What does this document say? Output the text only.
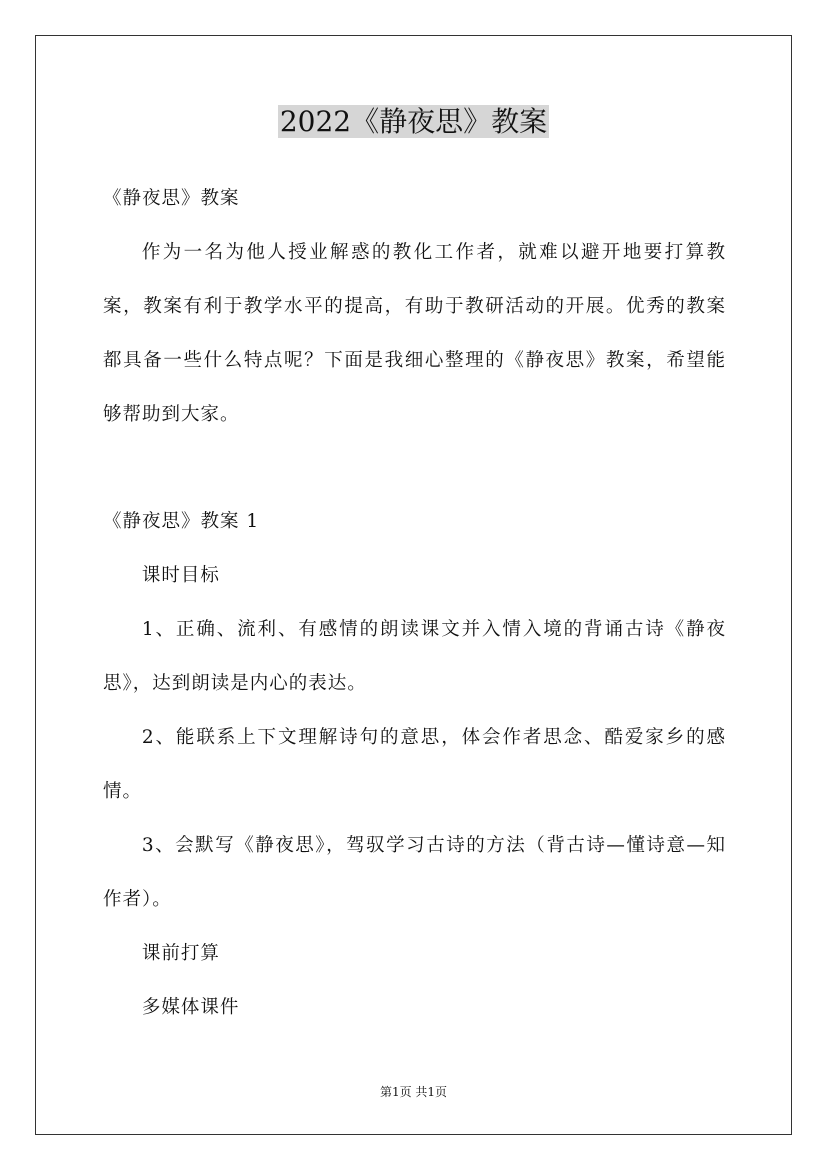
2022《静夜思》教案

《静夜思》教案

作为一名为他人授业解惑的教化工作者，就难以避开地要打算教案，教案有利于教学水平的提高，有助于教研活动的开展。优秀的教案都具备一些什么特点呢？下面是我细心整理的《静夜思》教案，希望能够帮助到大家。

《静夜思》教案 1

课时目标

1、正确、流利、有感情的朗读课文并入情入境的背诵古诗《静夜思》，达到朗读是内心的表达。

2、能联系上下文理解诗句的意思，体会作者思念、酷爱家乡的感情。

3、会默写《静夜思》，驾驭学习古诗的方法（背古诗—懂诗意—知作者）。

课前打算

多媒体课件

第1页 共1页
